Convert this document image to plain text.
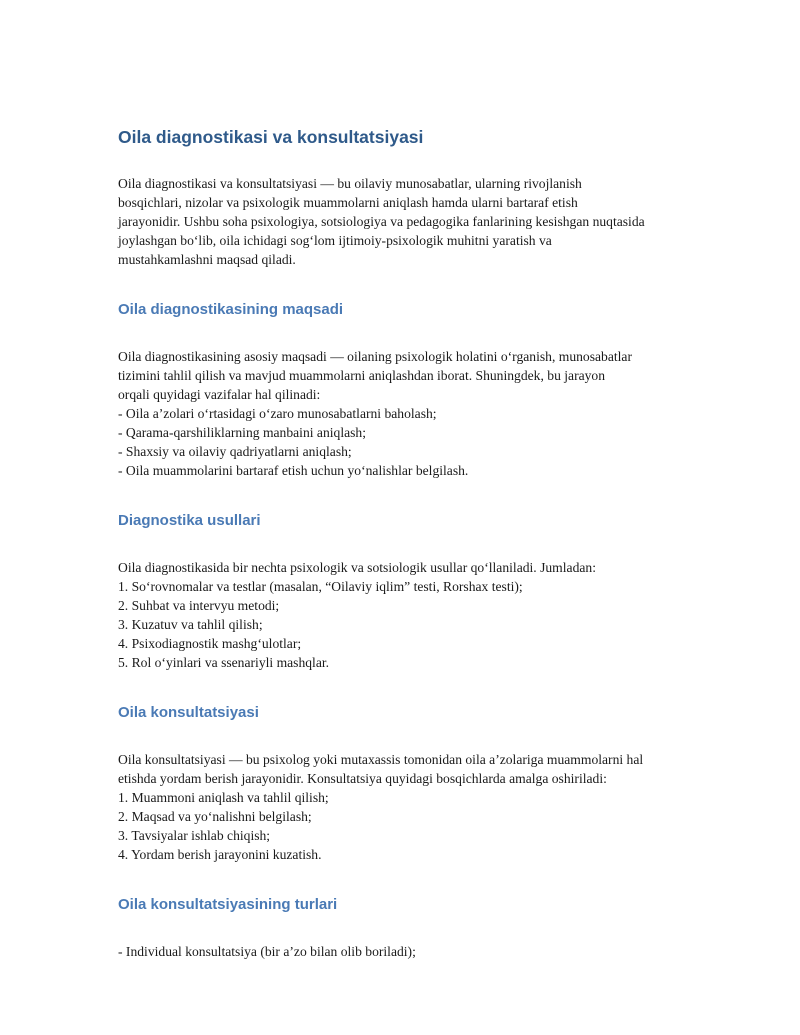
Oila diagnostikasi va konsultatsiyasi
Oila diagnostikasi va konsultatsiyasi — bu oilaviy munosabatlar, ularning rivojlanish
bosqichlari, nizolar va psixologik muammolarni aniqlash hamda ularni bartaraf etish
jarayonidir. Ushbu soha psixologiya, sotsiologiya va pedagogika fanlarining kesishgan nuqtasida
joylashgan bo‘lib, oila ichidagi sog‘lom ijtimoiy-psixologik muhitni yaratish va
mustahkamlashni maqsad qiladi.
Oila diagnostikasining maqsadi
Oila diagnostikasining asosiy maqsadi — oilaning psixologik holatini o‘rganish, munosabatlar
tizimini tahlil qilish va mavjud muammolarni aniqlashdan iborat. Shuningdek, bu jarayon
orqali quyidagi vazifalar hal qilinadi:
- Oila a’zolari o‘rtasidagi o‘zaro munosabatlarni baholash;
- Qarama-qarshiliklarning manbaini aniqlash;
- Shaxsiy va oilaviy qadriyatlarni aniqlash;
- Oila muammolarini bartaraf etish uchun yo‘nalishlar belgilash.
Diagnostika usullari
Oila diagnostikasida bir nechta psixologik va sotsiologik usullar qo‘llaniladi. Jumladan:
1. So‘rovnomalar va testlar (masalan, “Oilaviy iqlim” testi, Rorshax testi);
2. Suhbat va intervyu metodi;
3. Kuzatuv va tahlil qilish;
4. Psixodiagnostik mashg‘ulotlar;
5. Rol o‘yinlari va ssenariyli mashqlar.
Oila konsultatsiyasi
Oila konsultatsiyasi — bu psixolog yoki mutaxassis tomonidan oila a’zolariga muammolarni hal
etishda yordam berish jarayonidir. Konsultatsiya quyidagi bosqichlarda amalga oshiriladi:
1. Muammoni aniqlash va tahlil qilish;
2. Maqsad va yo‘nalishni belgilash;
3. Tavsiyalar ishlab chiqish;
4. Yordam berish jarayonini kuzatish.
Oila konsultatsiyasining turlari
- Individual konsultatsiya (bir a’zo bilan olib boriladi);
